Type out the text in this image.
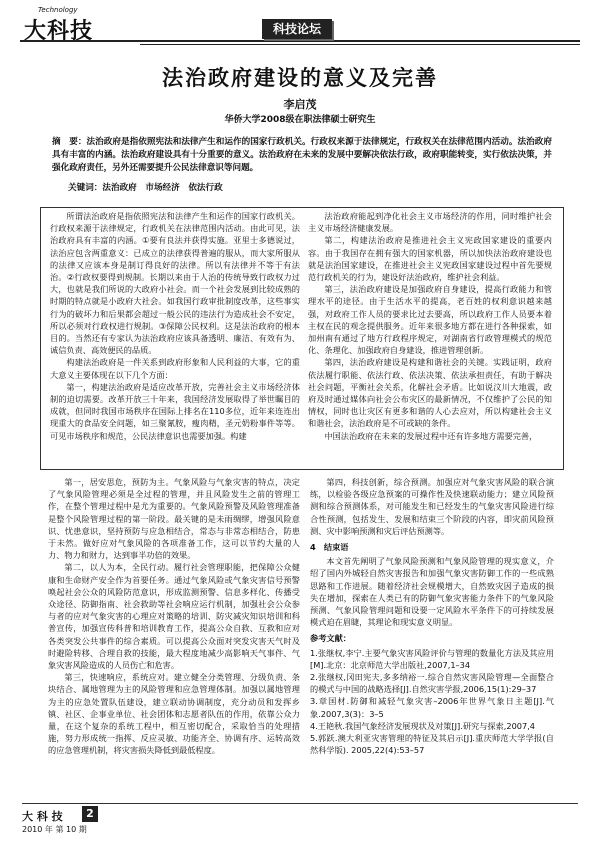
Technology
大科技	科技论坛
法治政府建设的意义及完善
李启茂
华侨大学2008级在职法律硕士研究生
摘　要：法治政府是指依照宪法和法律产生和运作的国家行政机关。行政权来源于法律规定，行政权关在法律范围内活动。法治政府具有丰富的内涵。法治政府建设具有十分重要的意义。法治政府在未来的发展中要解决依法行政，政府职能转变，实行依法决策，并强化政府责任，另外还需要提升公民法律意识等问题。
关键词：法治政府　市场经济　依法行政

所谓法治政府是指依照宪法和法律产生和运作的国家行政机关。行政权来源于法律规定，行政机关在法律范围内活动。由此可见，法治政府具有丰富的内涵。①要有良法并获得实施。亚里士多德说过，法治应包含两重意义：已成立的法律获得普遍的服从，而大家所服从的法律又应该本身是制订得良好的法律。所以有法律并不等于有法治。②行政权要得到规制。长期以来由于人治的传统导致行政权力过大，也就是我们所说的大政府小社会。而一个社会发展到比较成熟的时期的特点就是小政府大社会。如我国行政审批制度改革，这些事实行为的破坏力和后果都会超过一般公民的违法行为造成社会不安定，所以必须对行政权进行规制。③保障公民权利。这是法治政府的根本目的。当然还有专家认为法治政府应该具备透明、廉洁、有效有为、诚信负责、高效便民的品质。

构建法治政府是一件关系到政府形象和人民利益的大事，它的重大意义主要体现在以下几个方面：

第一，构建法治政府是适应改革开放，完善社会主义市场经济体制的迫切需要。改革开放三十年来，我国经济发展取得了举世瞩目的成就，但同时我国市场秩序在国际上排名在110多位，近年来连连出现重大的食品安全问题，如三聚氰胺，瘦肉精，圣元奶粉事件等等。可见市场秩序和规范，公民法律意识也需要加强。构建

法治政府能起到净化社会主义市场经济的作用，同时维护社会主义市场经济健康发展。

第二，构建法治政府是推进社会主义宪政国家建设的重要内容。由于我国存在拥有强大的国家机器，所以加快法治政府建设也就是法治国家建设，在推进社会主义宪政国家建设过程中首先要规范行政机关的行为，建设好法治政府，维护社会利益。

第三，法治政府建设是加强政府自身建设，提高行政能力和管理水平的途径。由于生活水平的提高，老百姓的权利意识越来越强，对政府工作人员的要求比过去要高，所以政府工作人员要本着主权在民的观念提供服务。近年来很多地方都在进行各种探索，如加州南有通过了地方行政程序规定，对湖南省行政管理模式的规范化、条理化、加强政府自身建设，推进管理创新。

第四，法治政府建设是构建和谐社会的关键。实践证明，政府依法履行职能、依法行政、依法决策、依法承担责任，有助于解决社会问题，平衡社会关系，化解社会矛盾。比如说汶川大地震，政府及时通过媒体向社会公布灾区的最新情况，不仅维护了公民的知情权，同时也让灾区有更多和谐的人心去应对，所以构建社会主义和谐社会，法治政府是不可或缺的条件。

中国法治政府在未来的发展过程中还有许多地方需要完善，

第一，居安思危，预防为主。气象风险与气象灾害的特点，决定了气象风险管理必须是全过程的管理，并且风险发生之前的管理工作，在整个管理过程中是尤为重要的。气象风险预警及风险管理准备是整个风险管理过程的第一阶段。最关键的是未雨绸缪，增强风险意识、忧患意识，坚持预防与应急相结合，常态与非常态相结合，防患于未然。做好应对气象风险的各项准备工作，这可以节约大量的人力、物力和财力，达到事半功倍的效果。

第二，以人为本，全民行动。履行社会管理职能，把保障公众健康和生命财产安全作为首要任务。通过气象风险或气象灾害信号预警唤起社会公众的风险防范意识，形成监测预警、信息多样化、传播受众途径、防御指南、社会救助等社会响应运行机制，加强社会公众参与者的应对气象灾害的心理应对策略的培训、防灾减灾知识培训和科普宣传，加强宣传科普和培训教育工作，提高公众自救、互救和应对各类突发公共事件的综合素质。可以提高公众面对突发灾害天气时及时避险转移、合理自救的技能，最大程度地减少高影响天气事件、气象灾害风险造成的人员伤亡和危害。

第三，快速响应，系统应对。建立健全分类管理、分级负责、条块结合、属地管理为主的风险管理和应急管理体制。加强以属地管理为主的应急处置队伍建设，建立联动协调制度，充分动员和发挥乡镇、社区、企事业单位、社会团体和志愿者队伍的作用，依靠公众力量，在这个复杂的系统工程中，相互密切配合，采取恰当的处理措施，努力形成统一指挥、反应灵敏、功能齐全、协调有序、运转高效的应急管理机制，将灾害损失降低到最低程度。

第四，科技创新，综合预测。加强应对气象灾害风险的联合演练，以检验各级应急预案的可操作性及快速联动能力；建立风险预测和综合预测体系，对可能发生和已经发生的气象灾害风险进行综合性预测，包括发生、发展和结束三个阶段的内容，即灾前风险预测、灾中影响预测和灾后评估预测等。

4　结束语

本文首先阐明了气象风险预测和气象风险管理的现实意义，介绍了国内外城轻自然灾害报告和加强气象灾害防御工作的一些成熟思路和工作进展。随着经济社会规模增大，自然致灾因子造成的损失在增加，探索在人类已有的防御气象灾害能力条件下的气象风险预测、气象风险管理问题和设要一定风险水平条件下的可持续发展模式迫在眉睫，其理论和现实意义明显。

参考文献：

1.张继权,李宁.主要气象灾害风险评价与管理的数量化方法及其应用[M].北京：北京师范大学出版社,2007,1–34

2.张继权,冈田宪夫,多多纳裕一.综合自然灾害风险管理—全面整合的模式与中国的战略选择[J].自然灾害学报,2006,15(1):29–37

3.章国材.防御和减轻气象灾害–2006年世界气象日主题[J].气象.2007,3(3)：3–5

4.王艳秋.我国气象经济发展现状及对策[J].研究与探索,2007,4

5.郭跃.澳大利亚灾害管理的特征及其启示[J].重庆师范大学学报(自然科学版). 2005,22(4):53–57

大 科 技	2
2010 年 第 10 期
